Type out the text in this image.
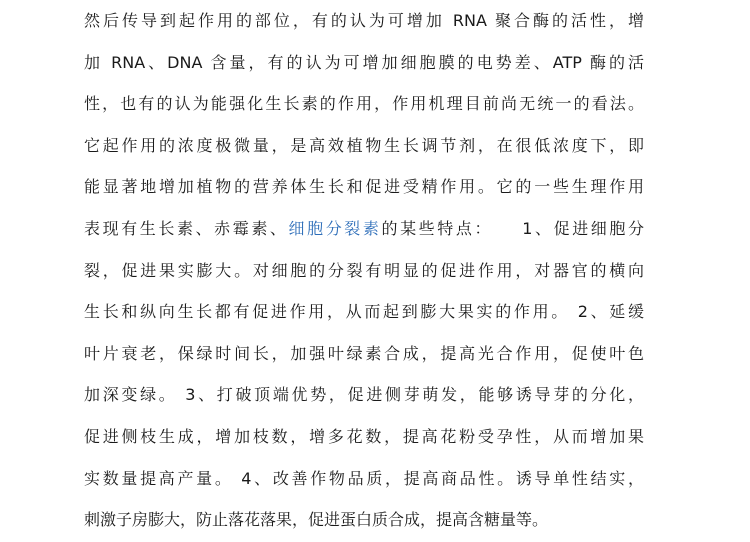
然后传导到起作用的部位，有的认为可增加 RNA 聚合酶的活性，增
加 RNA、DNA 含量，有的认为可增加细胞膜的电势差、ATP 酶的活
性，也有的认为能强化生长素的作用，作用机理目前尚无统一的看法。
它起作用的浓度极微量，是高效植物生长调节剂，在很低浓度下，即
能显著地增加植物的营养体生长和促进受精作用。它的一些生理作用
表现有生长素、赤霉素、细胞分裂素的某些特点：　　1、促进细胞分
裂，促进果实膨大。对细胞的分裂有明显的促进作用，对器官的横向
生长和纵向生长都有促进作用，从而起到膨大果实的作用。 2、延缓
叶片衰老，保绿时间长，加强叶绿素合成，提高光合作用，促使叶色
加深变绿。 3、打破顶端优势，促进侧芽萌发，能够诱导芽的分化，
促进侧枝生成，增加枝数，增多花数，提高花粉受孕性，从而增加果
实数量提高产量。 4、改善作物品质，提高商品性。诱导单性结实，
刺激子房膨大，防止落花落果，促进蛋白质合成，提高含糖量等。
